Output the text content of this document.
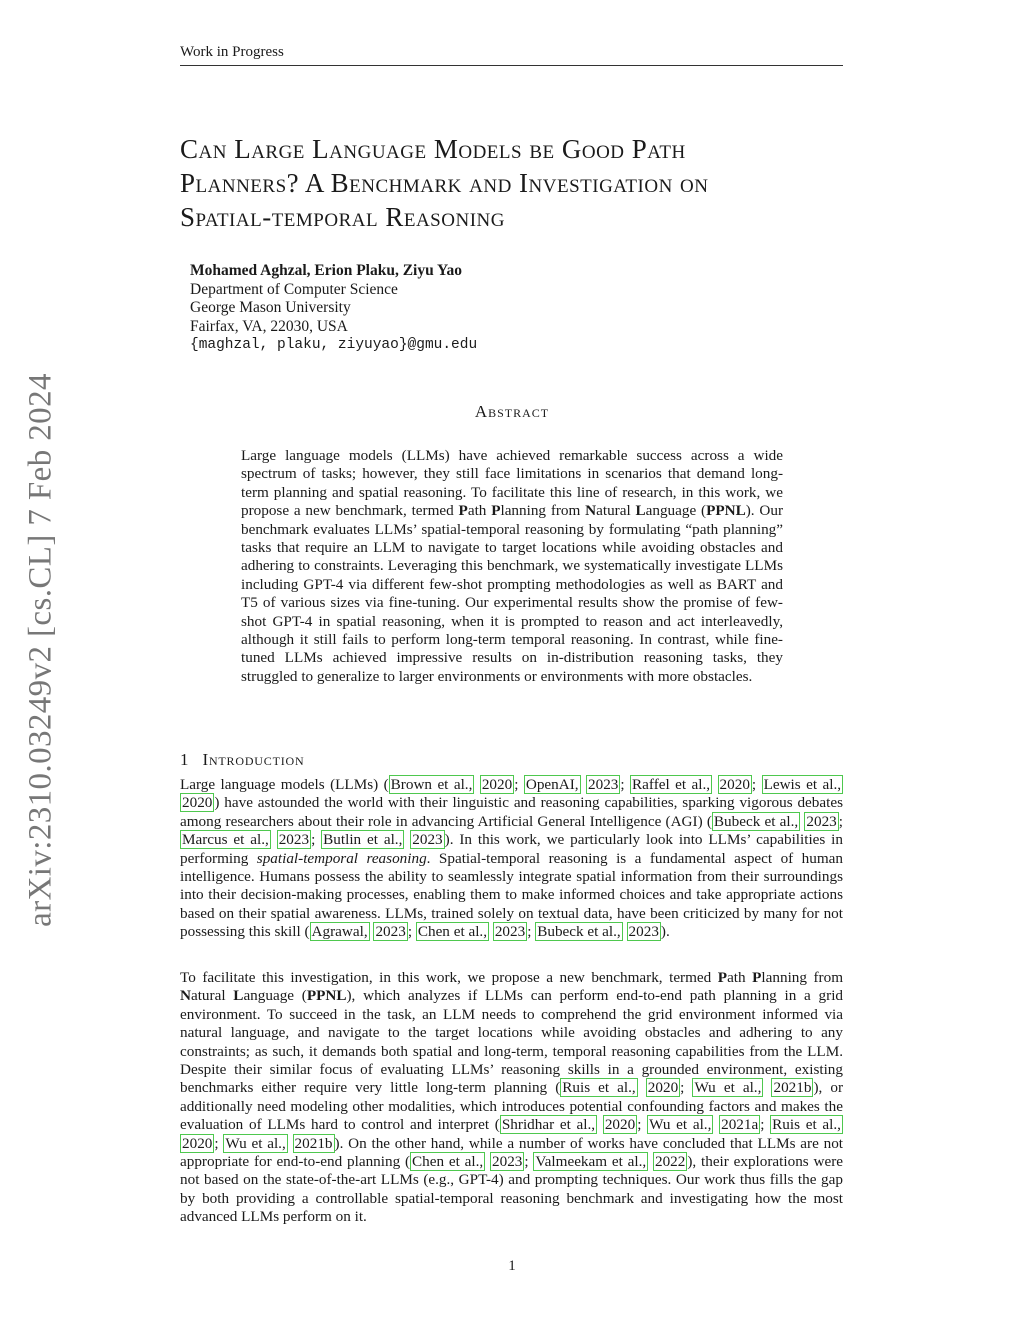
Work in Progress
Can Large Language Models be Good Path
Planners? A Benchmark and Investigation on
Spatial-temporal Reasoning
Mohamed Aghzal, Erion Plaku, Ziyu Yao
Department of Computer Science
George Mason University
Fairfax, VA, 22030, USA
{maghzal, plaku, ziyuyao}@gmu.edu
arXiv:2310.03249v2 [cs.CL] 7 Feb 2024	Abstract
Large language models (LLMs) have achieved remarkable success across a wide spectrum of tasks; however, they still face limitations in scenarios that demand long-term planning and spatial reasoning. To facilitate this line of research, in this work, we propose a new benchmark, termed Path Planning from Natural Language (PPNL). Our benchmark evaluates LLMs’ spatial-temporal reasoning by formulating “path planning” tasks that require an LLM to navigate to target locations while avoiding obstacles and adhering to constraints. Leveraging this benchmark, we systematically investigate LLMs including GPT-4 via different few-shot prompting methodologies as well as BART and T5 of various sizes via fine-tuning. Our experimental results show the promise of few-shot GPT-4 in spatial reasoning, when it is prompted to reason and act interleavedly, although it still fails to perform long-term temporal reasoning. In contrast, while fine-tuned LLMs achieved impressive results on in-distribution reasoning tasks, they struggled to generalize to larger environments or environments with more obstacles.
1 Introduction
Large language models (LLMs) ( Brown et al., 2020 ; OpenAI, 2023 ; Raffel et al., 2020 ; Lewis et al., 2020 ) have astounded the world with their linguistic and reasoning capabilities, sparking vigorous debates among researchers about their role in advancing Artificial General Intelligence (AGI) ( Bubeck et al., 2023 ; Marcus et al., 2023 ; Butlin et al., 2023 ). In this work, we particularly look into LLMs’ capabilities in performing spatial-temporal reasoning. Spatial-temporal reasoning is a fundamental aspect of human intelligence. Humans possess the ability to seamlessly integrate spatial information from their surroundings into their decision-making processes, enabling them to make informed choices and take appropriate actions based on their spatial awareness. LLMs, trained solely on textual data, have been criticized by many for not possessing this skill ( Agrawal, 2023 ; Chen et al., 2023 ; Bubeck et al., 2023 ).
To facilitate this investigation, in this work, we propose a new benchmark, termed Path Planning from Natural Language (PPNL), which analyzes if LLMs can perform end-to-end path planning in a grid environment. To succeed in the task, an LLM needs to comprehend the grid environment informed via natural language, and navigate to the target locations while avoiding obstacles and adhering to any constraints; as such, it demands both spatial and long-term, temporal reasoning capabilities from the LLM. Despite their similar focus of evaluating LLMs’ reasoning skills in a grounded environment, existing benchmarks either require very little long-term planning ( Ruis et al., 2020 ; Wu et al., 2021b ), or additionally need modeling other modalities, which introduces potential confounding factors and makes the evaluation of LLMs hard to control and interpret ( Shridhar et al., 2020 ; Wu et al., 2021a ; Ruis et al., 2020 ; Wu et al., 2021b ). On the other hand, while a number of works have concluded that LLMs are not appropriate for end-to-end planning ( Chen et al., 2023 ; Valmeekam et al., 2022 ), their explorations were not based on the state-of-the-art LLMs (e.g., GPT-4) and prompting techniques. Our work thus fills the gap by both providing a controllable spatial-temporal reasoning benchmark and investigating how the most advanced LLMs perform on it.
1
